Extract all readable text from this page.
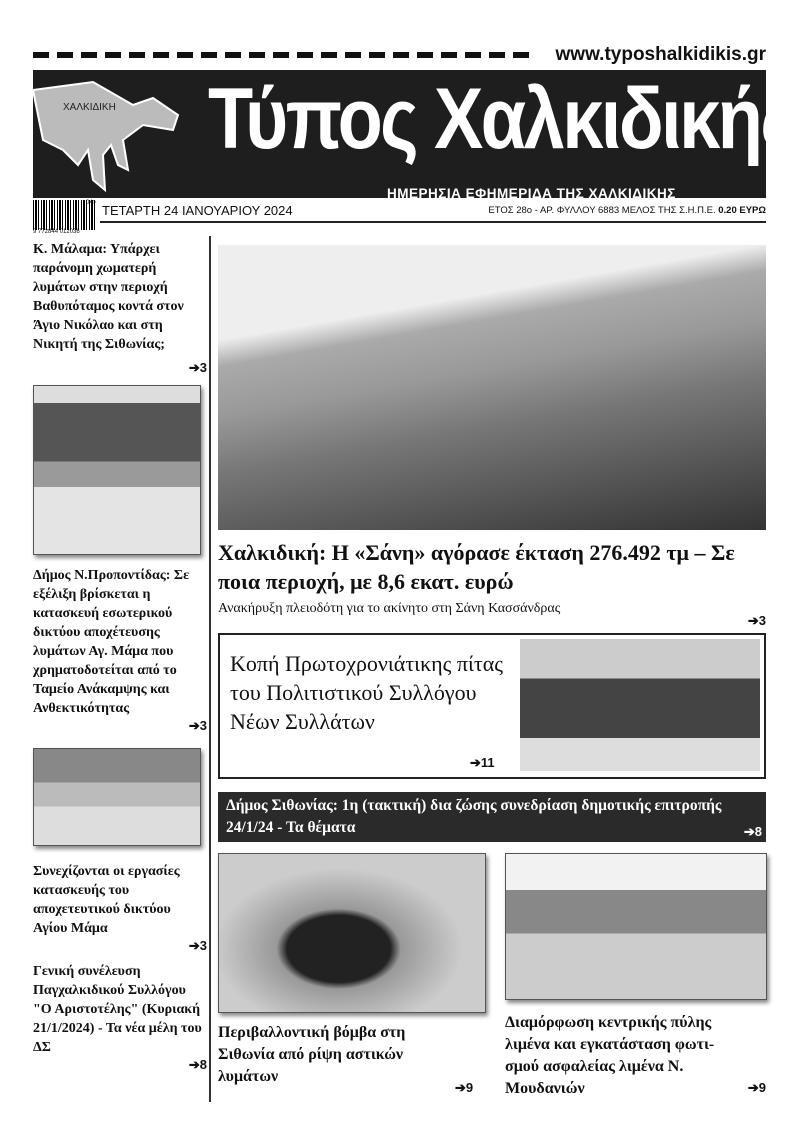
www.typoshalkidikis.gr
ΧΑΛΚΙΔΙΚΗ Τύπος Χαλκιδικής
ΗΜΕΡΗΣΙΑ ΕΦΗΜΕΡΙΔΑ ΤΗΣ ΧΑΛΚΙΔΙΚΗΣ
9 772844 012036
04> ΤΕΤΑΡΤΗ 24 ΙΑΝΟΥΑΡΙΟΥ 2024	ΕΤΟΣ 28ο - ΑΡ. ΦΥΛΛΟΥ 6883 ΜΕΛΟΣ ΤΗΣ Σ.Η.Π.Ε. 0.20 ΕΥΡΩ
Κ. Μάλαμα: Υπάρχει παράνομη χωματερή λυμάτων στην περιοχή Βαθυπόταμος κοντά στον Άγιο Νικόλαο και στη Νικητή της Σιθωνίας;
➔3
Δήμος Ν.Προποντίδας: Σε εξέλιξη βρίσκεται η κατασκευή εσωτερικού δικτύου αποχέτευσης λυμάτων Αγ. Μάμα που χρηματοδοτείται από το Ταμείο Ανάκαμψης και Ανθεκτικότητας
➔3
Συνεχίζονται οι εργασίες κατασκευής του αποχετευτικού δικτύου Αγίου Μάμα
➔3
Γενική συνέλευση Παγχαλκιδικού Συλλόγου "Ο Αριστοτέλης" (Κυριακή 21/1/2024) - Τα νέα μέλη του ΔΣ
➔8
Χαλκιδική: Η «Σάνη» αγόρασε έκταση 276.492 τμ – Σε ποια περιοχή, με 8,6 εκατ. ευρώ
Ανακήρυξη πλειοδότη για το ακίνητο στη Σάνη Κασσάνδρας
➔3
Κοπή Πρωτοχρονιάτικης πίτας του Πολιτιστικού Συλλόγου Νέων Συλλάτων
➔11
Δήμος Σιθωνίας: 1η (τακτική) δια ζώσης συνεδρίαση δημοτικής επιτροπής 24/1/24 - Τα θέματα	➔8
Περιβαλλοντική βόμβα στη Σιθωνία από ρίψη αστικών λυμάτων
➔9
Διαμόρφωση κεντρικής πύλης λιμένα και εγκατάσταση φωτι-σμού ασφαλείας λιμένα Ν. Μουδανιών	➔9
